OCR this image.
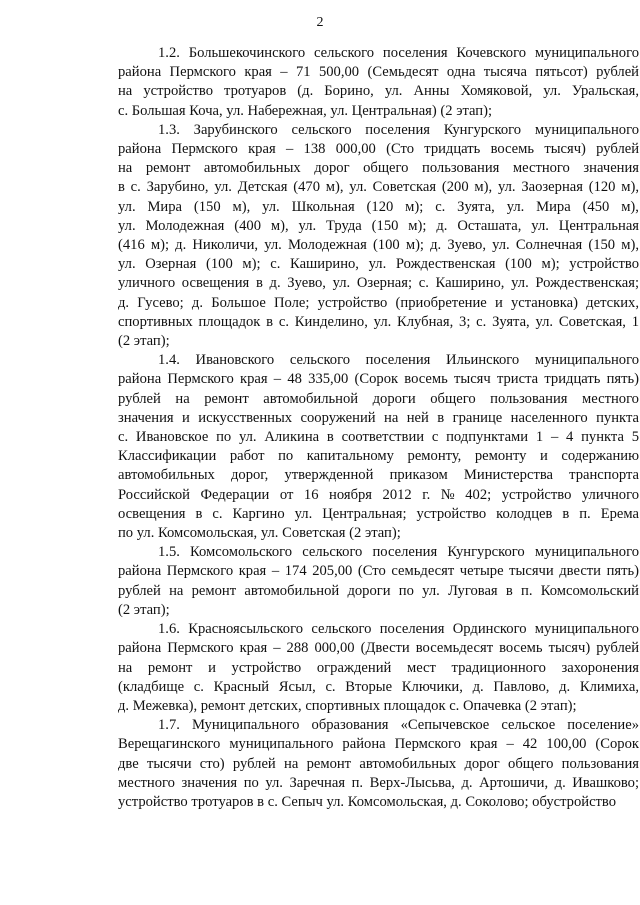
2

1.2. Большекочинского сельского поселения Кочевского муниципального
района Пермского края – 71 500,00 (Семьдесят одна тысяча пятьсот) рублей
на устройство тротуаров (д. Борино, ул. Анны Хомяковой, ул. Уральская,
с. Большая Коча, ул. Набережная, ул. Центральная) (2 этап);

1.3. Зарубинского сельского поселения Кунгурского муниципального
района Пермского края – 138 000,00 (Сто тридцать восемь тысяч) рублей
на ремонт автомобильных дорог общего пользования местного значения
в с. Зарубино, ул. Детская (470 м), ул. Советская (200 м), ул. Заозерная (120 м),
ул. Мира (150 м), ул. Школьная (120 м); с. Зуята, ул. Мира (450 м),
ул. Молодежная (400 м), ул. Труда (150 м); д. Осташата, ул. Центральная
(416 м); д. Николичи, ул. Молодежная (100 м); д. Зуево, ул. Солнечная (150 м),
ул. Озерная (100 м); с. Каширино, ул. Рождественская (100 м); устройство
уличного освещения в д. Зуево, ул. Озерная; с. Каширино, ул. Рождественская;
д. Гусево; д. Большое Поле; устройство (приобретение и установка) детских,
спортивных площадок в с. Кинделино, ул. Клубная, 3; с. Зуята, ул. Советская, 1
(2 этап);

1.4. Ивановского сельского поселения Ильинского муниципального
района Пермского края – 48 335,00 (Сорок восемь тысяч триста тридцать пять)
рублей на ремонт автомобильной дороги общего пользования местного
значения и искусственных сооружений на ней в границе населенного пункта
с. Ивановское по ул. Аликина в соответствии с подпунктами 1 – 4 пункта 5
Классификации работ по капитальному ремонту, ремонту и содержанию
автомобильных дорог, утвержденной приказом Министерства транспорта
Российской Федерации от 16 ноября 2012 г. № 402; устройство уличного
освещения в с. Каргино ул. Центральная; устройство колодцев в п. Ерема
по ул. Комсомольская, ул. Советская (2 этап);

1.5. Комсомольского сельского поселения Кунгурского муниципального
района Пермского края – 174 205,00 (Сто семьдесят четыре тысячи двести пять)
рублей на ремонт автомобильной дороги по ул. Луговая в п. Комсомольский
(2 этап);

1.6. Красноясыльского сельского поселения Ординского муниципального
района Пермского края – 288 000,00 (Двести восемьдесят восемь тысяч) рублей
на ремонт и устройство ограждений мест традиционного захоронения
(кладбище с. Красный Ясыл, с. Вторые Ключики, д. Павлово, д. Климиха,
д. Межевка), ремонт детских, спортивных площадок с. Опачевка (2 этап);

1.7. Муниципального образования «Сепычевское сельское поселение»
Верещагинского муниципального района Пермского края – 42 100,00 (Сорок
две тысячи сто) рублей на ремонт автомобильных дорог общего пользования
местного значения по ул. Заречная п. Верх-Лысьва, д. Артошичи, д. Ивашково;
устройство тротуаров в с. Сепыч ул. Комсомольская, д. Соколово; обустройство
